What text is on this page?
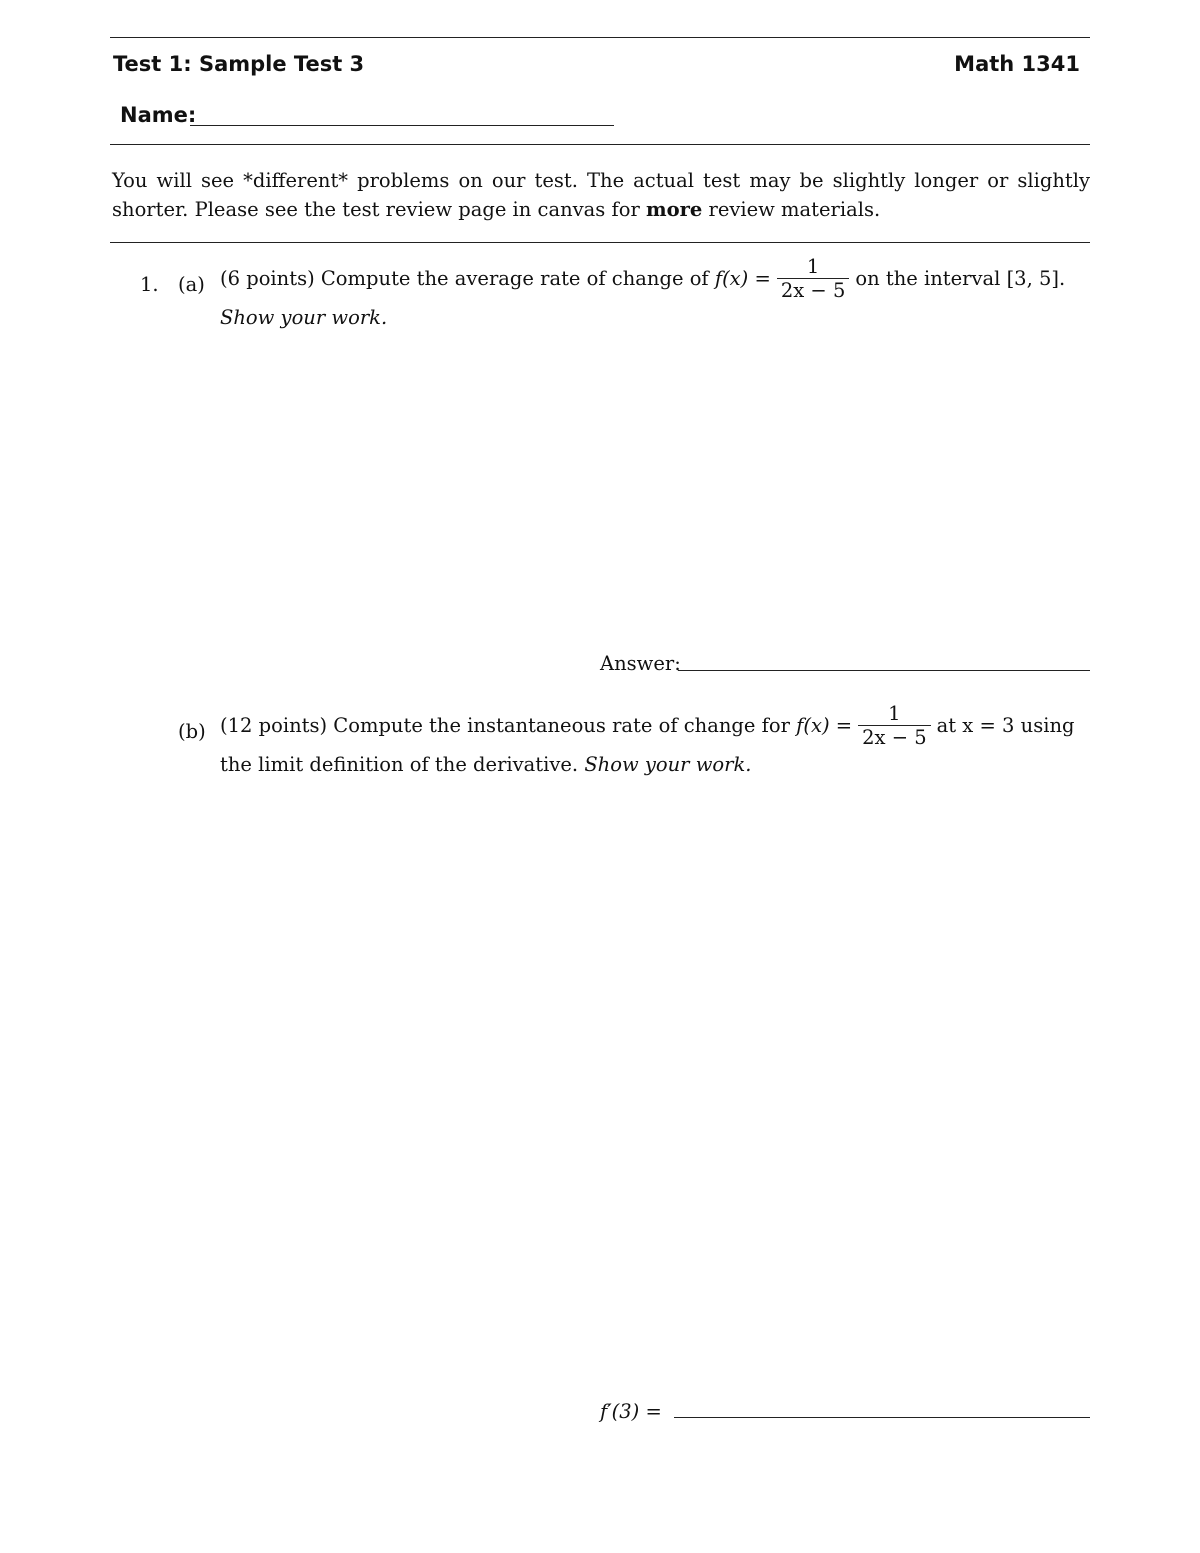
Test 1: Sample Test 3	Math 1341
Name:
You will see *different* problems on our test. The actual test may be slightly longer or slightly shorter. Please see the test review page in canvas for more review materials.
1. (a) (6 points) Compute the average rate of change of $f(x) = \frac{1}{2x - 5}$ on the interval [3, 5].
Show your work.
Answer:
(b) (12 points) Compute the instantaneous rate of change for $f(x) = \frac{1}{2x - 5}$ at x = 3 using
the limit definition of the derivative. Show your work.
f′(3) =
